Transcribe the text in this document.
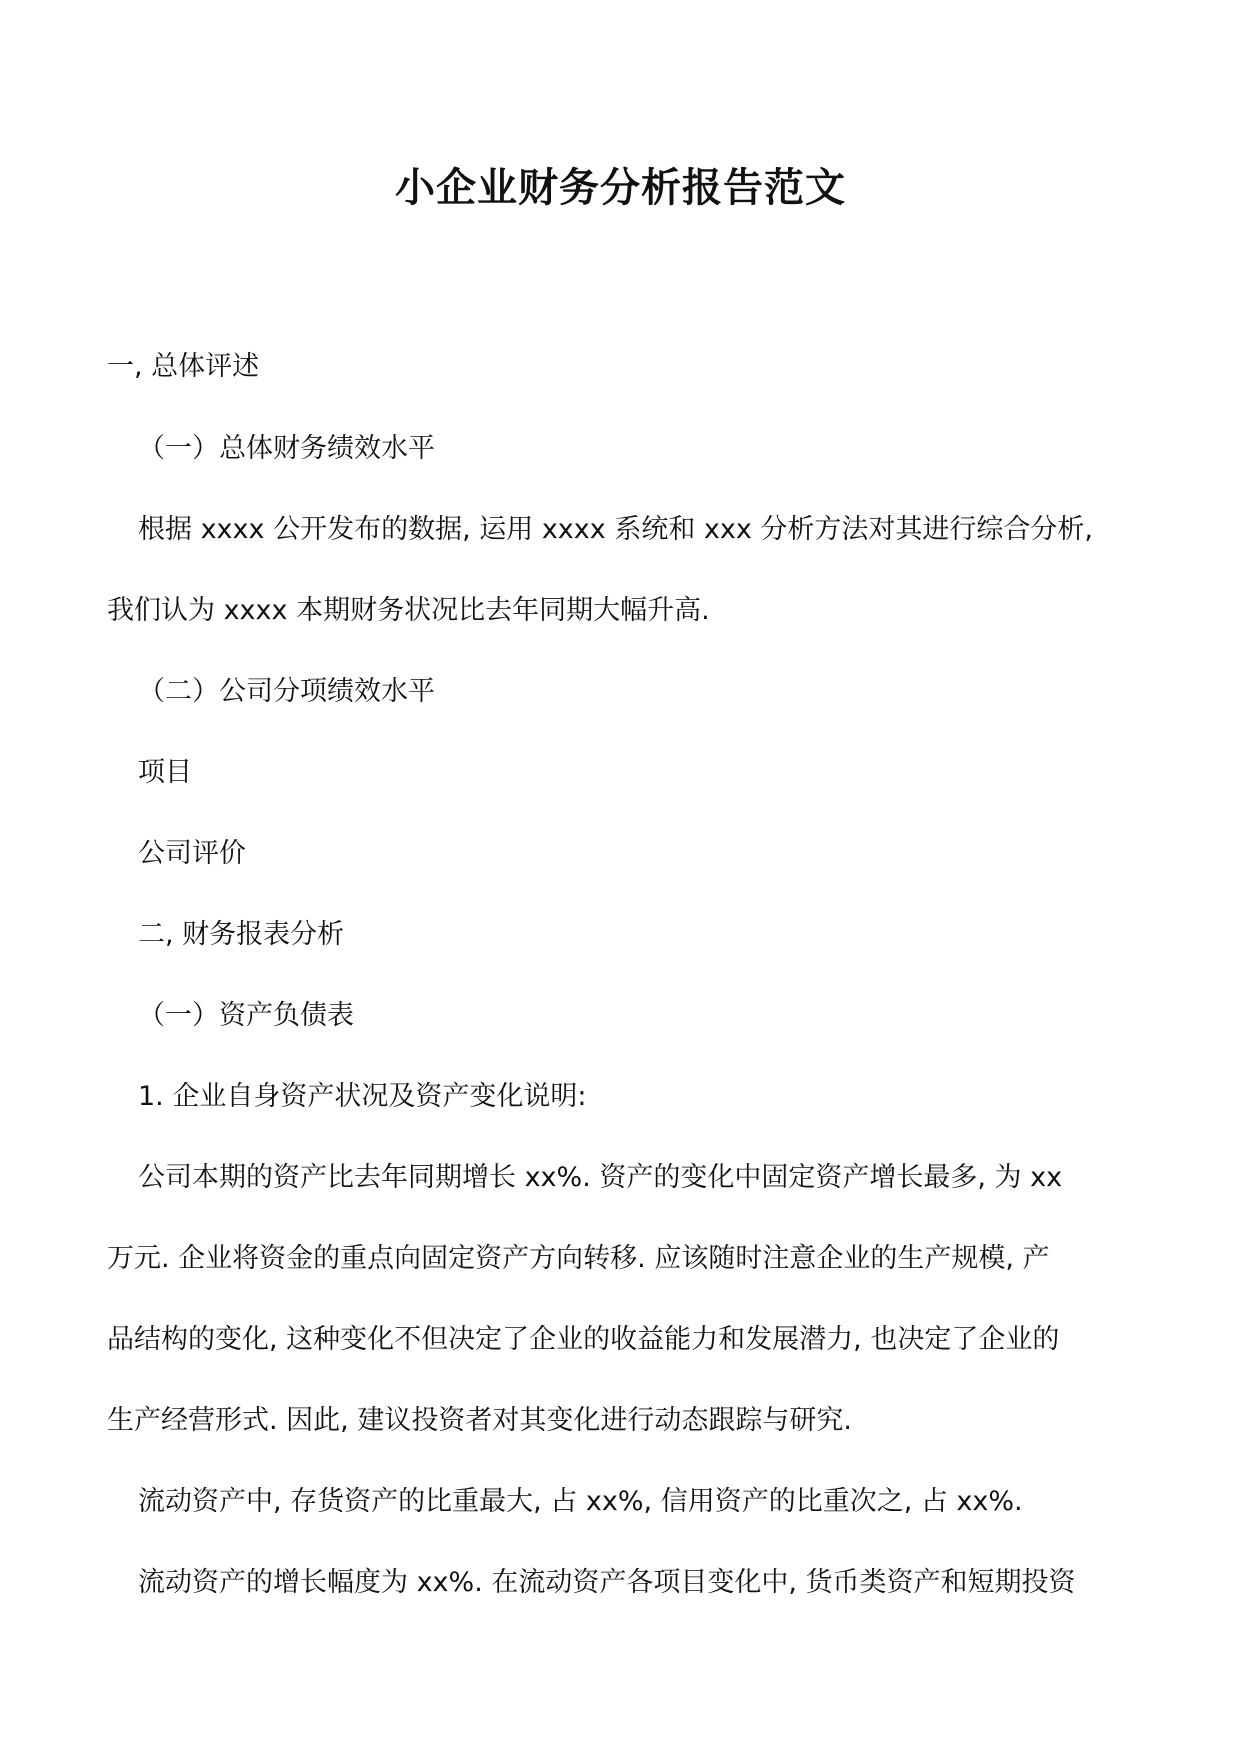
小企业财务分析报告范文

一, 总体评述

（一）总体财务绩效水平

根据 xxxx 公开发布的数据, 运用 xxxx 系统和 xxx 分析方法对其进行综合分析,

我们认为 xxxx 本期财务状况比去年同期大幅升高.

（二）公司分项绩效水平

项目

公司评价

二, 财务报表分析

（一）资产负债表

1. 企业自身资产状况及资产变化说明:

公司本期的资产比去年同期增长 xx%. 资产的变化中固定资产增长最多, 为 xx

万元. 企业将资金的重点向固定资产方向转移. 应该随时注意企业的生产规模, 产

品结构的变化, 这种变化不但决定了企业的收益能力和发展潜力, 也决定了企业的

生产经营形式. 因此, 建议投资者对其变化进行动态跟踪与研究.

流动资产中, 存货资产的比重最大, 占 xx%, 信用资产的比重次之, 占 xx%.

流动资产的增长幅度为 xx%. 在流动资产各项目变化中, 货币类资产和短期投资
